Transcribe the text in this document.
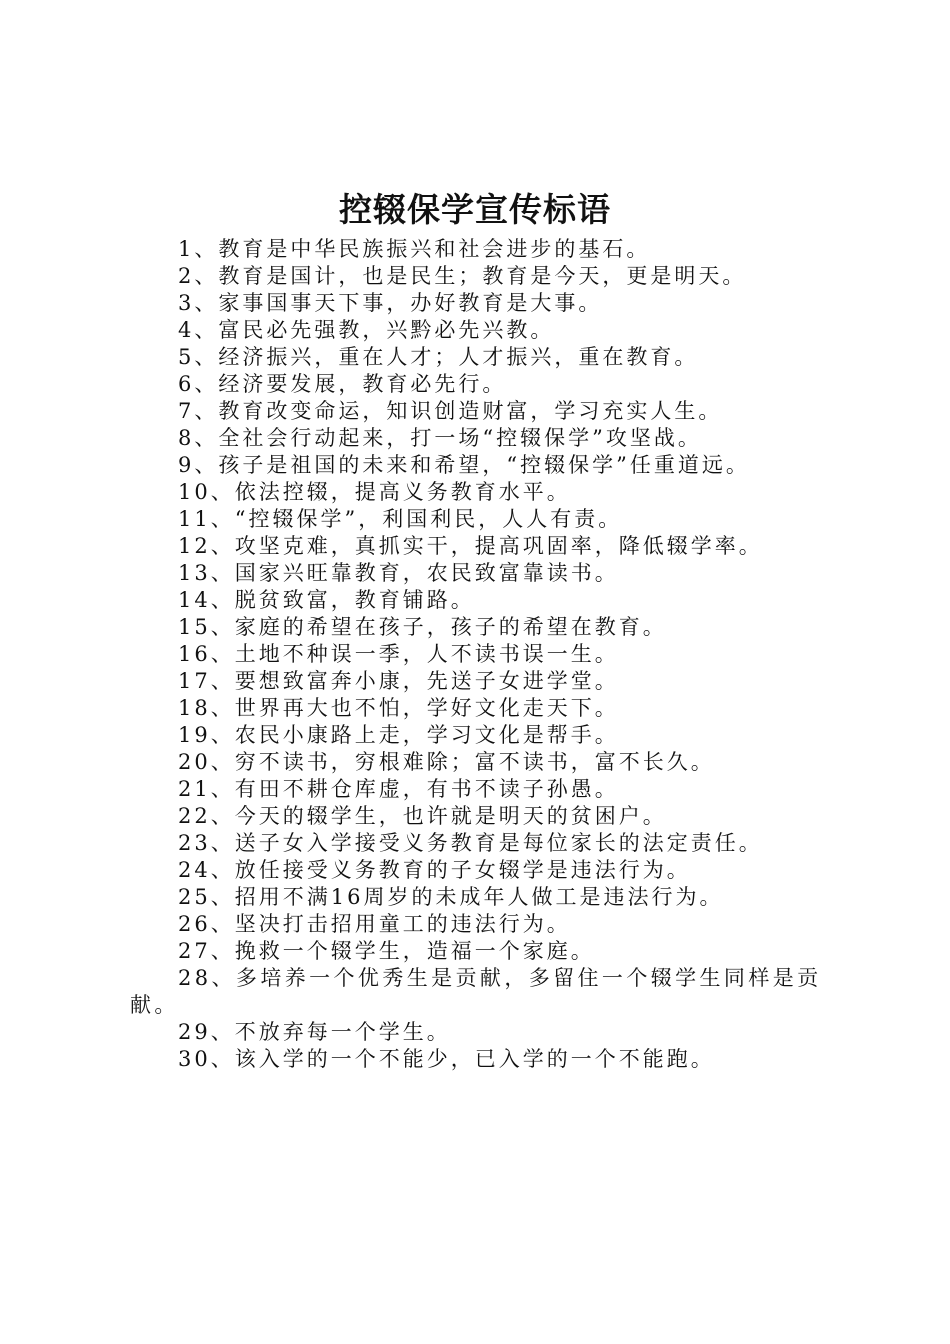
控辍保学宣传标语
1、教育是中华民族振兴和社会进步的基石。
2、教育是国计，也是民生；教育是今天，更是明天。
3、家事国事天下事，办好教育是大事。
4、富民必先强教，兴黔必先兴教。
5、经济振兴，重在人才；人才振兴，重在教育。
6、经济要发展，教育必先行。
7、教育改变命运，知识创造财富，学习充实人生。
8、全社会行动起来，打一场“控辍保学”攻坚战。
9、孩子是祖国的未来和希望，“控辍保学”任重道远。
10、依法控辍，提高义务教育水平。
11、“控辍保学”，利国利民，人人有责。
12、攻坚克难，真抓实干，提高巩固率，降低辍学率。
13、国家兴旺靠教育，农民致富靠读书。
14、脱贫致富，教育铺路。
15、家庭的希望在孩子，孩子的希望在教育。
16、土地不种误一季，人不读书误一生。
17、要想致富奔小康，先送子女进学堂。
18、世界再大也不怕，学好文化走天下。
19、农民小康路上走，学习文化是帮手。
20、穷不读书，穷根难除；富不读书，富不长久。
21、有田不耕仓库虚，有书不读子孙愚。
22、今天的辍学生，也许就是明天的贫困户。
23、送子女入学接受义务教育是每位家长的法定责任。
24、放任接受义务教育的子女辍学是违法行为。
25、招用不满16周岁的未成年人做工是违法行为。
26、坚决打击招用童工的违法行为。
27、挽救一个辍学生，造福一个家庭。
28、多培养一个优秀生是贡献，多留住一个辍学生同样是贡献。
29、不放弃每一个学生。
30、该入学的一个不能少，已入学的一个不能跑。
